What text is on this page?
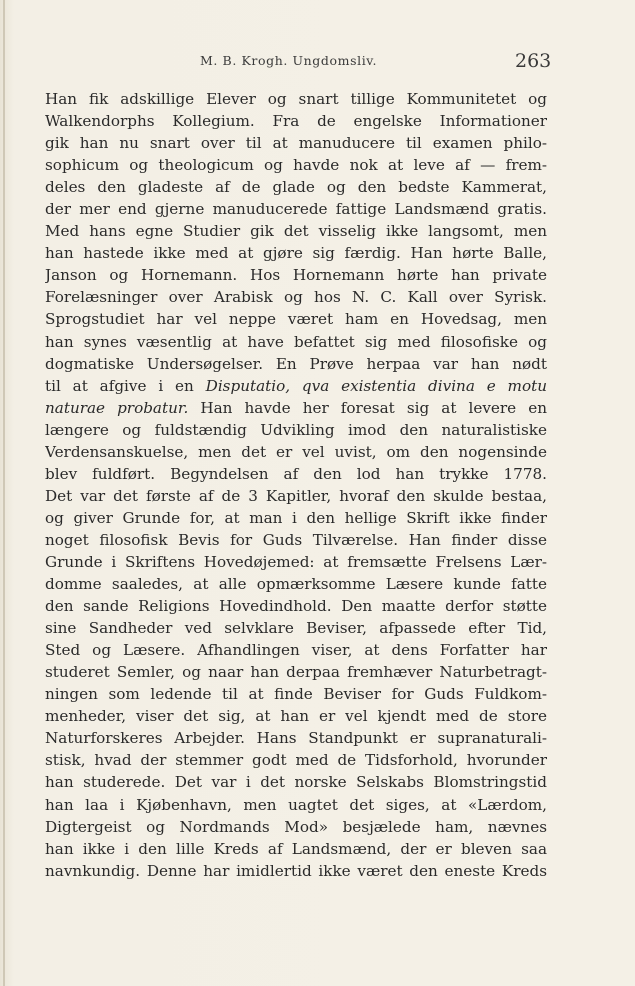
M. B. Krogh. Ungdomsliv.	263
Han fik adskillige Elever og snart tillige Kommunitetet og
Walkendorphs Kollegium. Fra de engelske Informationer
gik han nu snart over til at manuducere til examen philo-
sophicum og theologicum og havde nok at leve af — frem-
deles den gladeste af de glade og den bedste Kammerat,
der mer end gjerne manuducerede fattige Landsmænd gratis.
Med hans egne Studier gik det visselig ikke langsomt, men
han hastede ikke med at gjøre sig færdig. Han hørte Balle,
Janson og Hornemann. Hos Hornemann hørte han private
Forelæsninger over Arabisk og hos N. C. Kall over Syrisk.
Sprogstudiet har vel neppe været ham en Hovedsag, men
han synes væsentlig at have befattet sig med filosofiske og
dogmatiske Undersøgelser. En Prøve herpaa var han nødt
til at afgive i en Disputatio, qva existentia divina e motu
naturae probatur. Han havde her foresat sig at levere en
længere og fuldstændig Udvikling imod den naturalistiske
Verdensanskuelse, men det er vel uvist, om den nogensinde
blev fuldført. Begyndelsen af den lod han trykke 1778.
Det var det første af de 3 Kapitler, hvoraf den skulde bestaa,
og giver Grunde for, at man i den hellige Skrift ikke finder
noget filosofisk Bevis for Guds Tilværelse. Han finder disse
Grunde i Skriftens Hovedøjemed: at fremsætte Frelsens Lær-
domme saaledes, at alle opmærksomme Læsere kunde fatte
den sande Religions Hovedindhold. Den maatte derfor støtte
sine Sandheder ved selvklare Beviser, afpassede efter Tid,
Sted og Læsere. Afhandlingen viser, at dens Forfatter har
studeret Semler, og naar han derpaa fremhæver Naturbetragt-
ningen som ledende til at finde Beviser for Guds Fuldkom-
menheder, viser det sig, at han er vel kjendt med de store
Naturforskeres Arbejder. Hans Standpunkt er supranaturali-
stisk, hvad der stemmer godt med de Tidsforhold, hvorunder
han studerede. Det var i det norske Selskabs Blomstringstid
han laa i Kjøbenhavn, men uagtet det siges, at «Lærdom,
Digtergeist og Nordmands Mod» besjælede ham, nævnes
han ikke i den lille Kreds af Landsmænd, der er bleven saa
navnkundig. Denne har imidlertid ikke været den eneste Kreds
